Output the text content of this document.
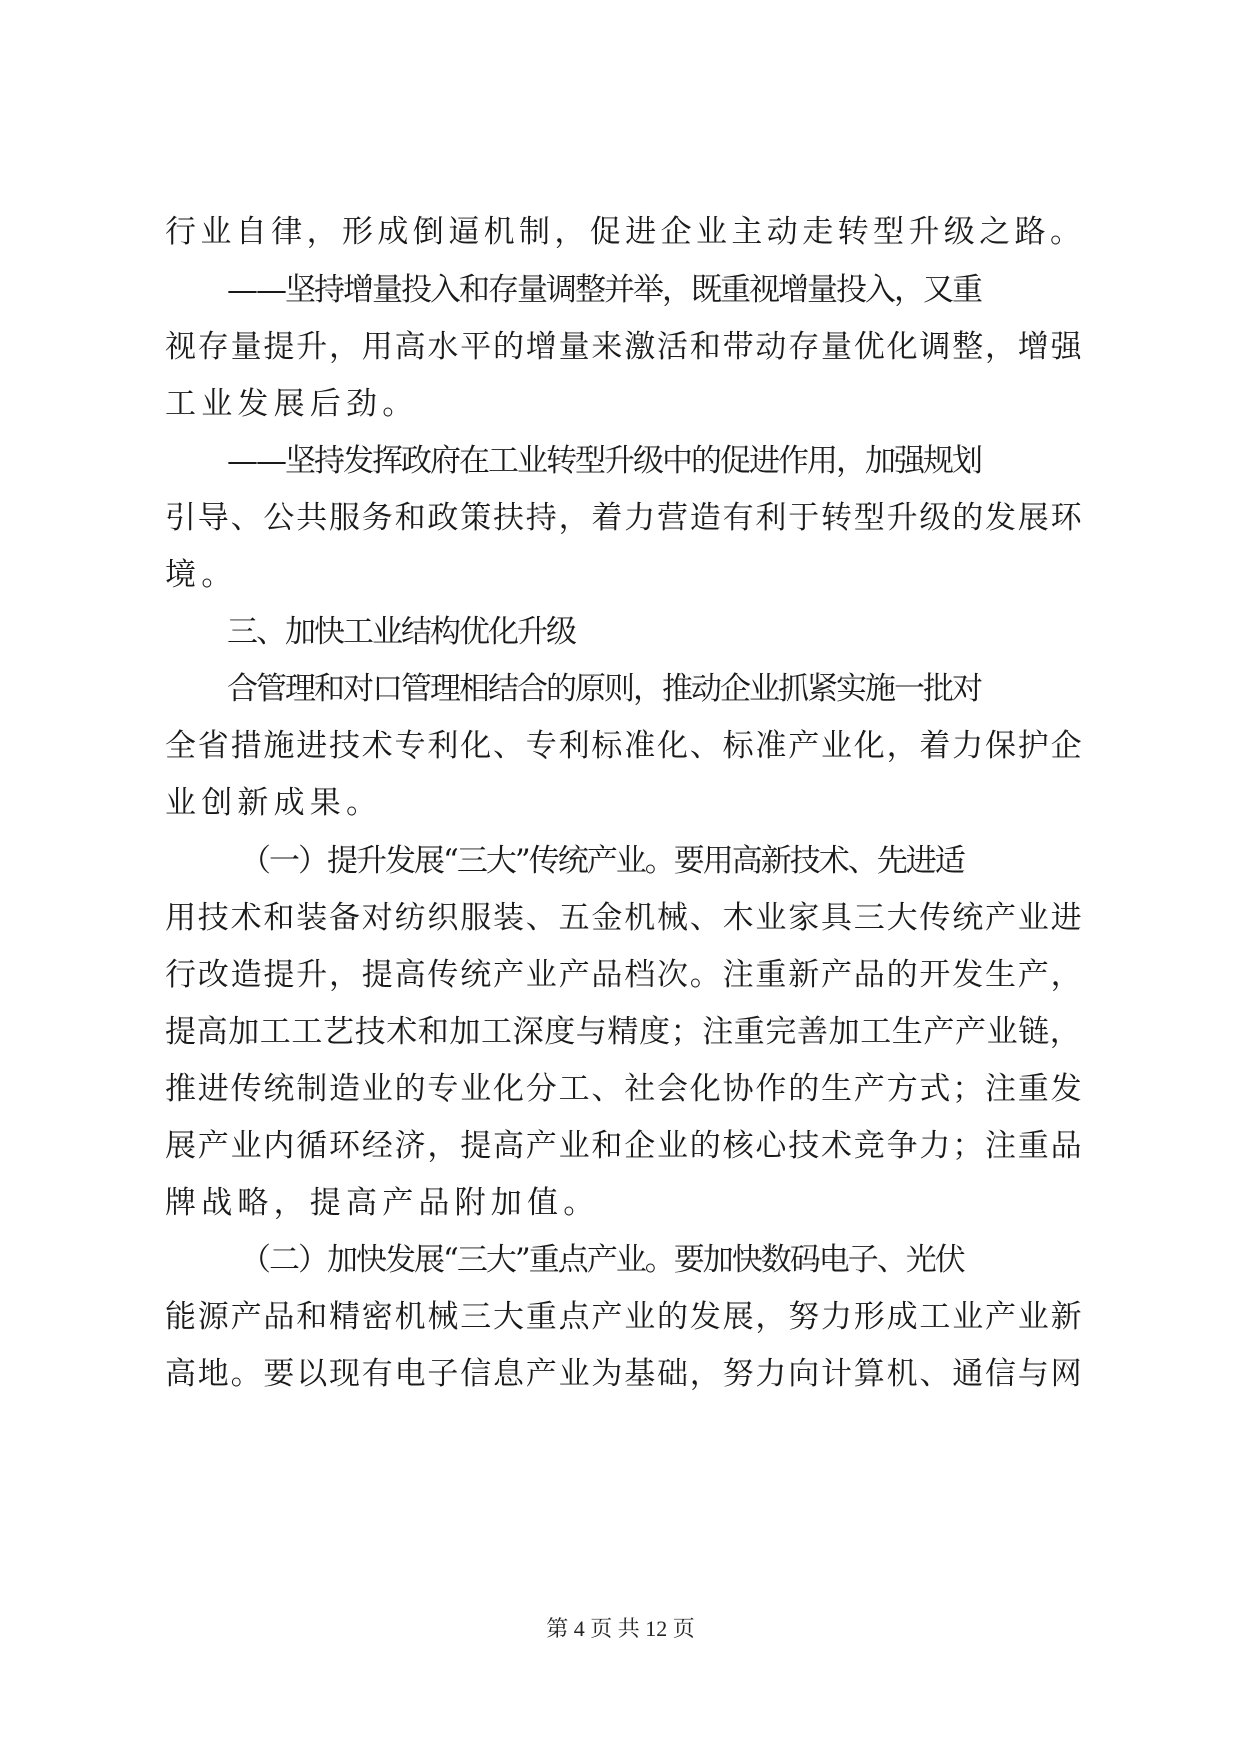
行业自律，形成倒逼机制，促进企业主动走转型升级之路。
——坚持增量投入和存量调整并举，既重视增量投入，又重
视存量提升，用高水平的增量来激活和带动存量优化调整，增强
工业发展后劲。
——坚持发挥政府在工业转型升级中的促进作用，加强规划
引导、公共服务和政策扶持，着力营造有利于转型升级的发展环
境。
三、加快工业结构优化升级
合管理和对口管理相结合的原则，推动企业抓紧实施一批对
全省措施进技术专利化、专利标准化、标准产业化，着力保护企
业创新成果。
（一）提升发展“三大”传统产业。要用高新技术、先进适
用技术和装备对纺织服装、五金机械、木业家具三大传统产业进
行改造提升，提高传统产业产品档次。注重新产品的开发生产，
提高加工工艺技术和加工深度与精度；注重完善加工生产产业链，
推进传统制造业的专业化分工、社会化协作的生产方式；注重发
展产业内循环经济，提高产业和企业的核心技术竞争力；注重品
牌战略，提高产品附加值。
（二）加快发展“三大”重点产业。要加快数码电子、光伏
能源产品和精密机械三大重点产业的发展，努力形成工业产业新
高地。要以现有电子信息产业为基础，努力向计算机、通信与网
第 4 页 共 12 页
